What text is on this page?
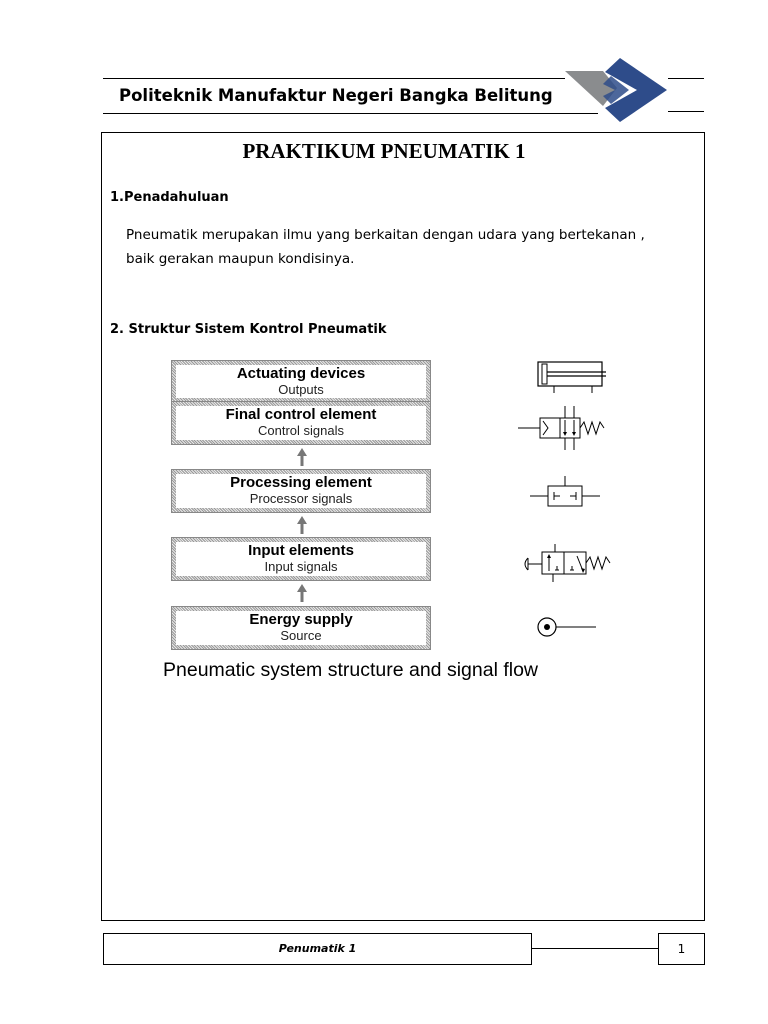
Politeknik Manufaktur Negeri Bangka Belitung
PRAKTIKUM PNEUMATIK 1
1.Penadahuluan
Pneumatik merupakan ilmu yang berkaitan dengan udara yang bertekanan ,
baik gerakan maupun kondisinya.
2. Struktur Sistem Kontrol Pneumatik
Actuating devices
Outputs
Final control element
Control signals
Processing element
Processor signals
Input elements
Input signals
Energy supply
Source
Pneumatic system structure and signal flow
Penumatik 1	1
